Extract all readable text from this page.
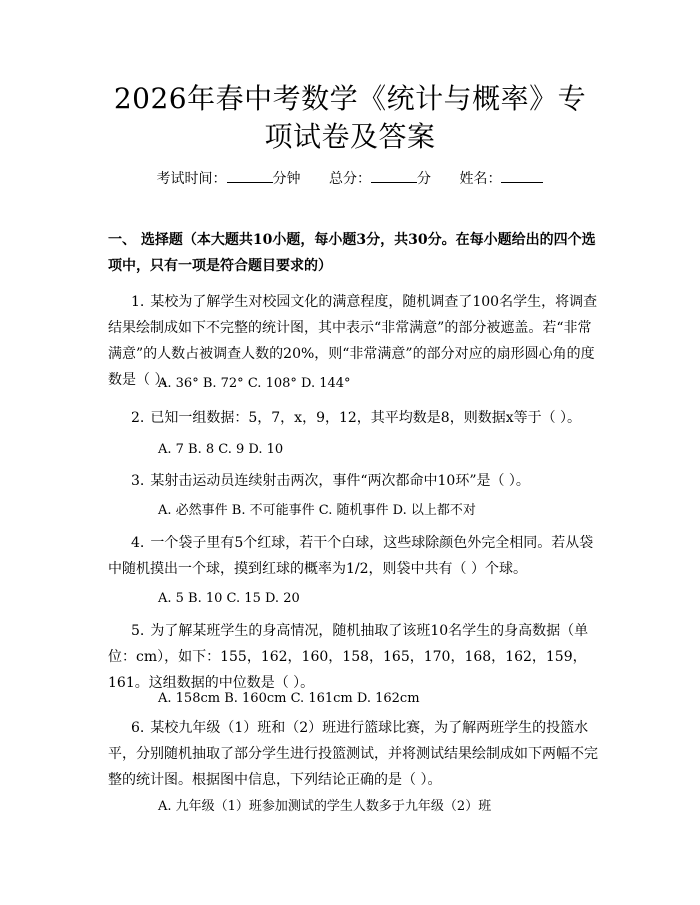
2026年春中考数学《统计与概率》专项试卷及答案
考试时间：	分钟 总分：	分 姓名：
一、 选择题（本大题共10小题，每小题3分，共30分。在每小题给出的四个选项中，只有一项是符合题目要求的）
1. 某校为了解学生对校园文化的满意程度，随机调查了100名学生，将调查结果绘制成如下不完整的统计图，其中表示“非常满意”的部分被遮盖。若“非常满意”的人数占被调查人数的20%，则“非常满意”的部分对应的扇形圆心角的度数是（ ）。
A. 36° B. 72° C. 108° D. 144°
2. 已知一组数据：5，7，x，9，12，其平均数是8，则数据x等于（ ）。
A. 7 B. 8 C. 9 D. 10
3. 某射击运动员连续射击两次，事件“两次都命中10环”是（ ）。
A. 必然事件 B. 不可能事件 C. 随机事件 D. 以上都不对
4. 一个袋子里有5个红球，若干个白球，这些球除颜色外完全相同。若从袋中随机摸出一个球，摸到红球的概率为1/2，则袋中共有（ ）个球。
A. 5 B. 10 C. 15 D. 20
5. 为了解某班学生的身高情况，随机抽取了该班10名学生的身高数据（单位：cm），如下：155，162，160，158，165，170，168，162，159，161。这组数据的中位数是（ ）。
A. 158cm B. 160cm C. 161cm D. 162cm
6. 某校九年级（1）班和（2）班进行篮球比赛，为了解两班学生的投篮水平，分别随机抽取了部分学生进行投篮测试，并将测试结果绘制成如下两幅不完整的统计图。根据图中信息，下列结论正确的是（ ）。
A. 九年级（1）班参加测试的学生人数多于九年级（2）班
